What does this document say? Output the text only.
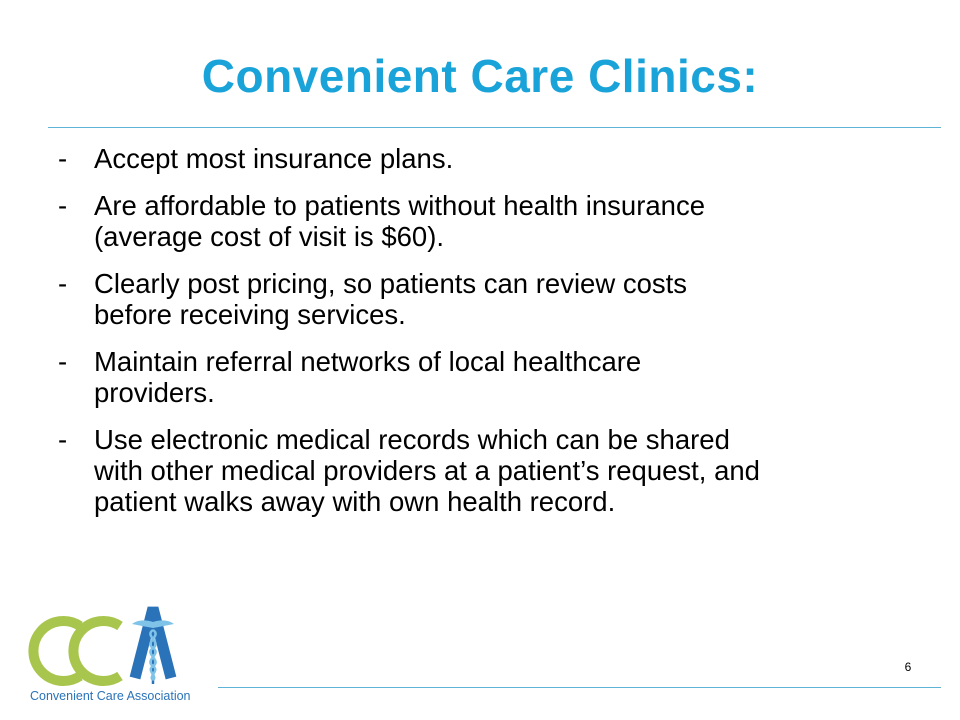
Convenient Care Clinics:
- Accept most insurance plans.
- Are affordable to patients without health insurance
(average cost of visit is $60).
- Clearly post pricing, so patients can review costs
before receiving services.
- Maintain referral networks of local healthcare
providers.
- Use electronic medical records which can be shared
with other medical providers at a patient’s request, and
patient walks away with own health record.
Convenient Care Association
6
